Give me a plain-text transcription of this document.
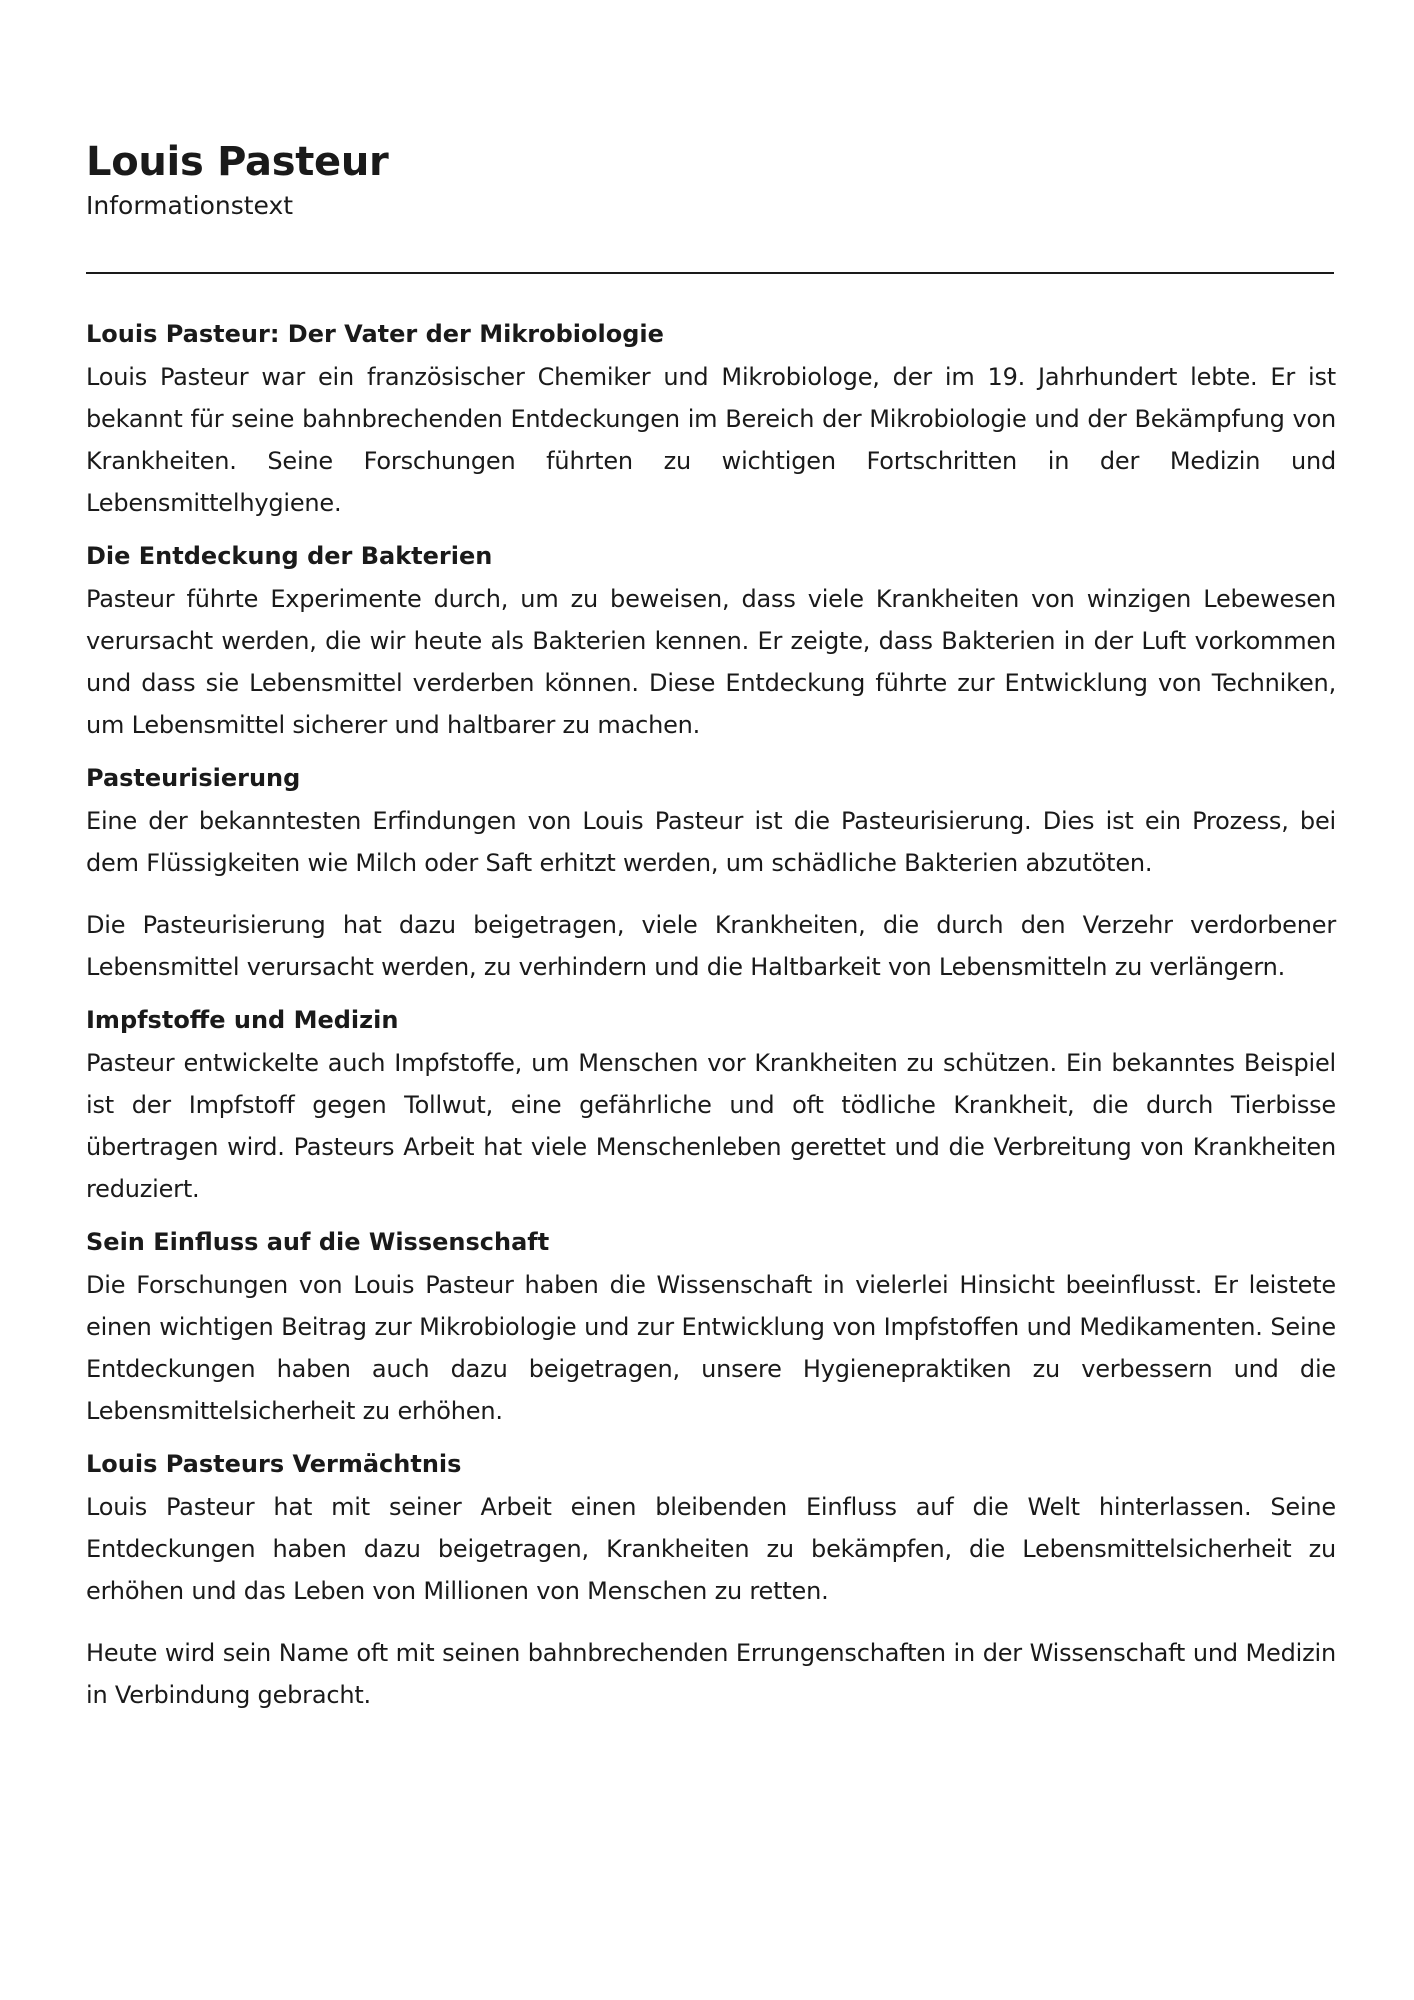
Louis Pasteur

Informationstext

Louis Pasteur: Der Vater der Mikrobiologie

Louis Pasteur war ein französischer Chemiker und Mikrobiologe, der im 19. Jahrhundert lebte. Er ist bekannt für seine bahnbrechenden Entdeckungen im Bereich der Mikrobiologie und der Bekämpfung von Krankheiten. Seine Forschungen führten zu wichtigen Fortschritten in der Medizin und Lebensmittelhygiene.

Die Entdeckung der Bakterien

Pasteur führte Experimente durch, um zu beweisen, dass viele Krankheiten von winzigen Lebewesen verursacht werden, die wir heute als Bakterien kennen. Er zeigte, dass Bakterien in der Luft vorkommen und dass sie Lebensmittel verderben können. Diese Entdeckung führte zur Entwicklung von Techniken, um Lebensmittel sicherer und haltbarer zu machen.

Pasteurisierung

Eine der bekanntesten Erfindungen von Louis Pasteur ist die Pasteurisierung. Dies ist ein Prozess, bei dem Flüssigkeiten wie Milch oder Saft erhitzt werden, um schädliche Bakterien abzutöten.

Die Pasteurisierung hat dazu beigetragen, viele Krankheiten, die durch den Verzehr verdorbener Lebensmittel verursacht werden, zu verhindern und die Haltbarkeit von Lebensmitteln zu verlängern.

Impfstoffe und Medizin

Pasteur entwickelte auch Impfstoffe, um Menschen vor Krankheiten zu schützen. Ein bekanntes Beispiel ist der Impfstoff gegen Tollwut, eine gefährliche und oft tödliche Krankheit, die durch Tierbisse übertragen wird. Pasteurs Arbeit hat viele Menschenleben gerettet und die Verbreitung von Krankheiten reduziert.

Sein Einfluss auf die Wissenschaft

Die Forschungen von Louis Pasteur haben die Wissenschaft in vielerlei Hinsicht beeinflusst. Er leistete einen wichtigen Beitrag zur Mikrobiologie und zur Entwicklung von Impfstoffen und Medikamenten. Seine Entdeckungen haben auch dazu beigetragen, unsere Hygienepraktiken zu verbessern und die Lebensmittelsicherheit zu erhöhen.

Louis Pasteurs Vermächtnis

Louis Pasteur hat mit seiner Arbeit einen bleibenden Einfluss auf die Welt hinterlassen. Seine Entdeckungen haben dazu beigetragen, Krankheiten zu bekämpfen, die Lebensmittelsicherheit zu erhöhen und das Leben von Millionen von Menschen zu retten.

Heute wird sein Name oft mit seinen bahnbrechenden Errungenschaften in der Wissenschaft und Medizin in Verbindung gebracht.
